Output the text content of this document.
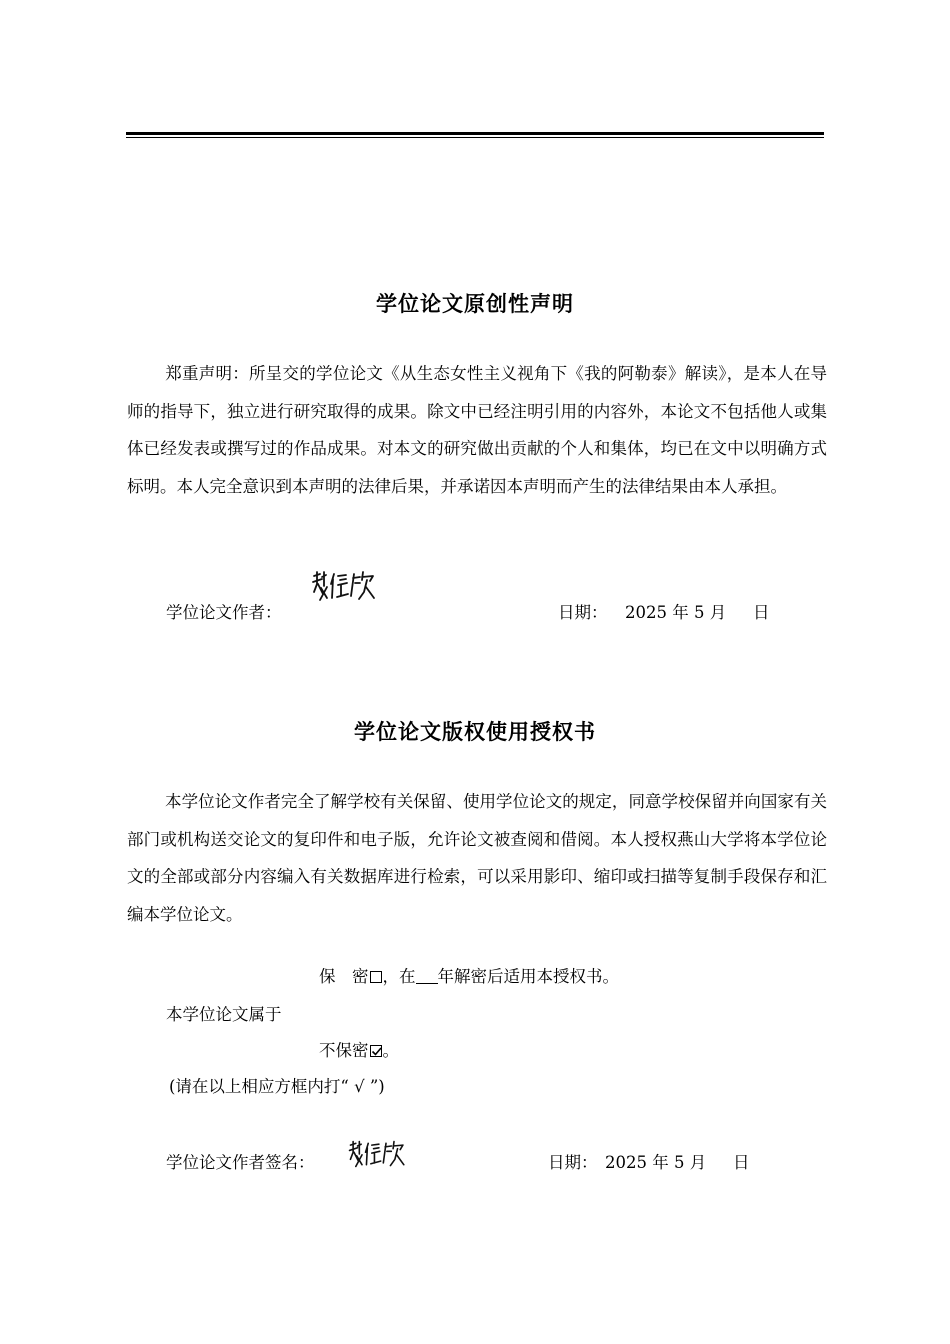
学位论文原创性声明

郑重声明：所呈交的学位论文《从生态女性主义视角下《我的阿勒泰》解读》，是本人在导师的指导下，独立进行研究取得的成果。除文中已经注明引用的内容外，本论文不包括他人或集体已经发表或撰写过的作品成果。对本文的研究做出贡献的个人和集体，均已在文中以明确方式标明。本人完全意识到本声明的法律后果，并承诺因本声明而产生的法律结果由本人承担。

学位论文作者：	日期： 2025 年 5 月 日
学位论文版权使用授权书

本学位论文作者完全了解学校有关保留、使用学位论文的规定，同意学校保留并向国家有关部门或机构送交论文的复印件和电子版，允许论文被查阅和借阅。本人授权燕山大学将本学位论文的全部或部分内容编入有关数据库进行检索，可以采用影印、缩印或扫描等复制手段保存和汇编本学位论文。

保　密 ，在 年解密后适用本授权书。
本学位论文属于
不保密 。
(请在以上相应方框内打“ √ ”)
学位论文作者签名：	日期： 2025 年 5 月 日
